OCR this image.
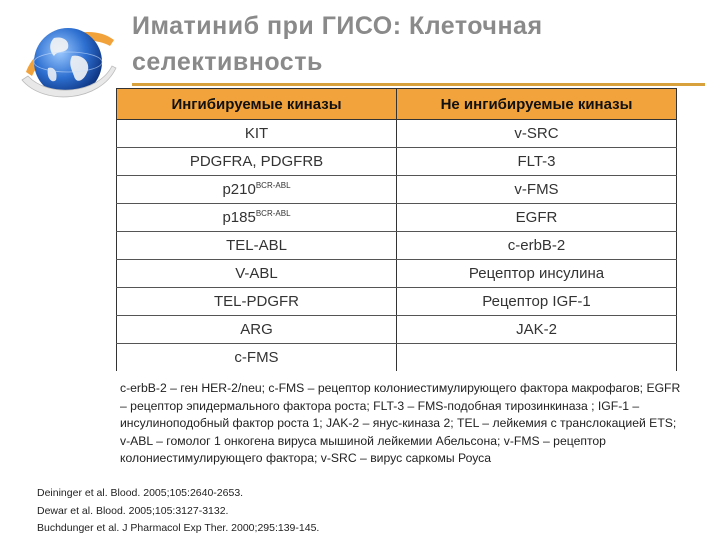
Иматиниб при ГИСО: Клеточная селективность
Ингибируемые киназы	Не ингибируемые киназы
KIT	v-SRC
PDGFRA, PDGFRB	FLT-3
$p210^{BCR-ABL}$	v-FMS
$p185^{BCR-ABL}$	EGFR
TEL-ABL	c-erbB-2
V-ABL	Рецептор инсулина
TEL-PDGFR	Рецептор IGF-1
ARG	JAK-2
c-FMS	
c-erbB-2 – ген HER-2/neu; c-FMS – рецептор колониестимулирующего фактора макрофагов; EGFR – рецептор эпидермального фактора роста; FLT-3 – FMS-подобная тирозинкиназа ; IGF-1 – инсулиноподобный фактор роста 1; JAK-2 – янус-киназа 2; TEL – лейкемия с транслокацией ETS; v-ABL – гомолог 1 онкогена вируса мышиной лейкемии Абельсона; v-FMS – рецептор колониестимулирующего фактора; v-SRC – вирус саркомы Роуса
Deininger et al. Blood. 2005;105:2640-2653.
Dewar et al. Blood. 2005;105:3127-3132.
Buchdunger et al. J Pharmacol Exp Ther. 2000;295:139-145.
